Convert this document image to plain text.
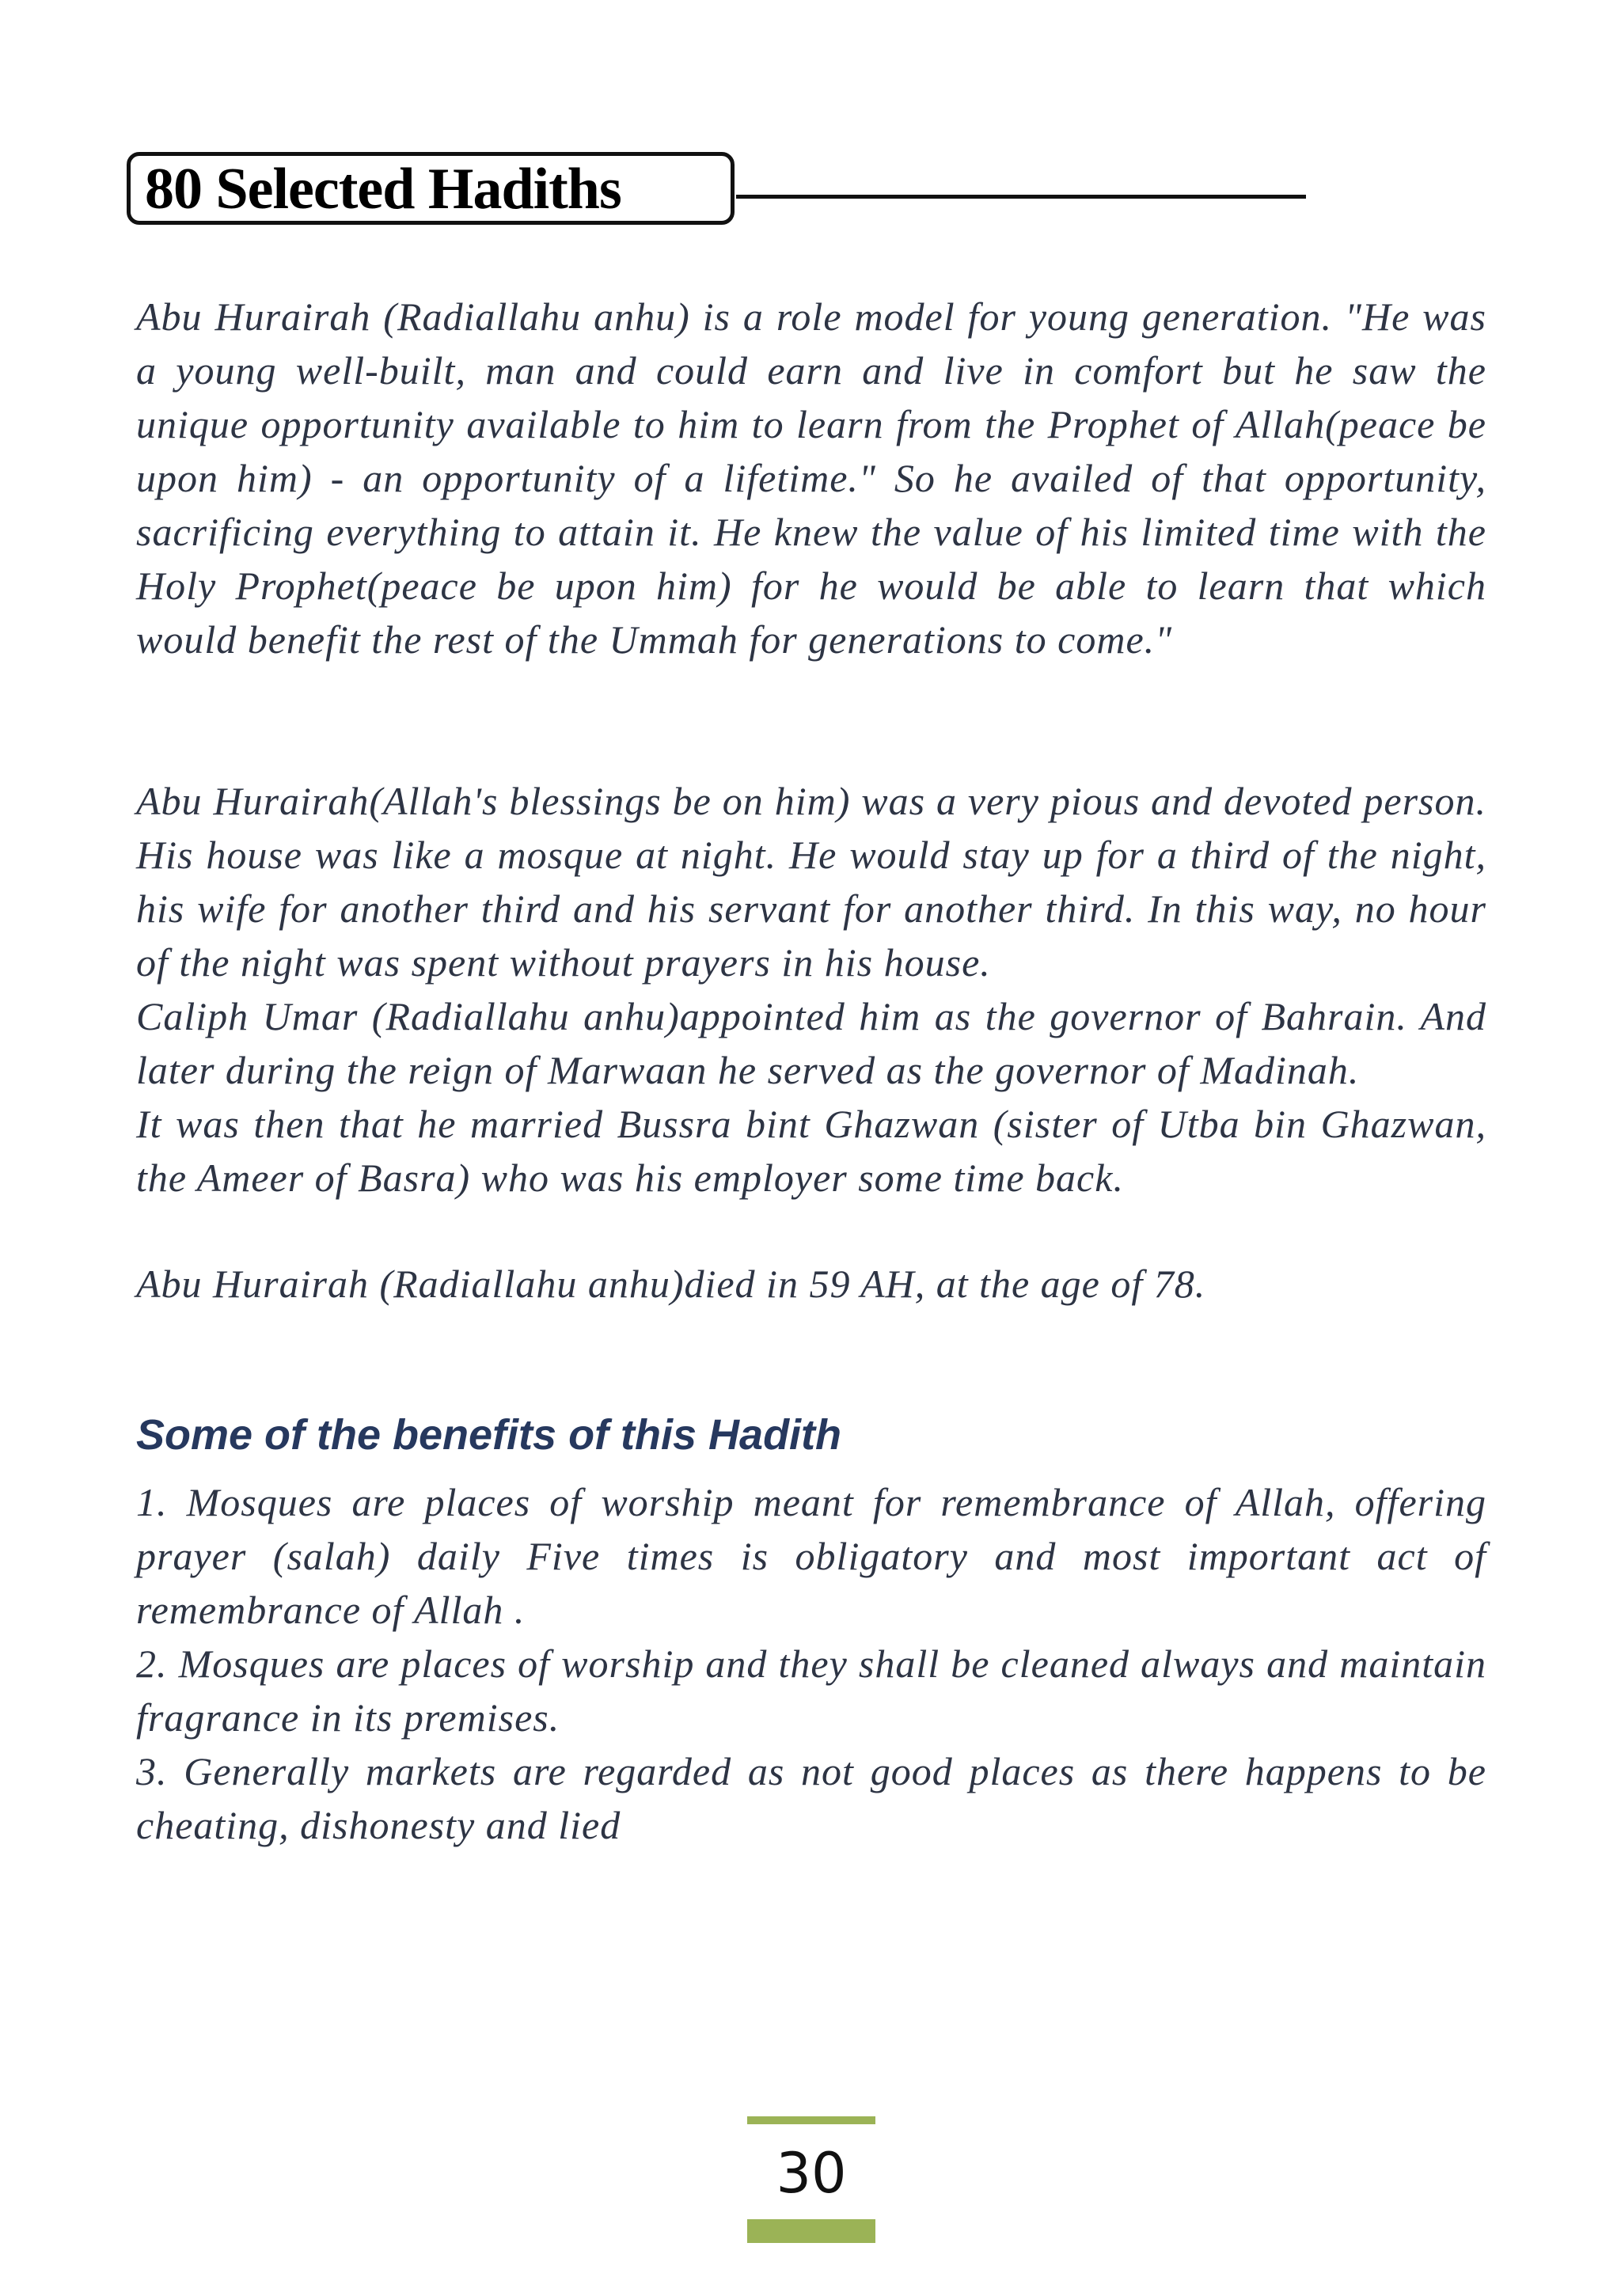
80 Selected Hadiths

Abu Hurairah (Radiallahu anhu) is a role model for young generation. "He was a young well-built, man and could earn and live in comfort but he saw the unique opportunity available to him to learn from the Prophet of Allah(peace be upon him) - an opportunity of a lifetime." So he availed of that opportunity, sacrificing everything to attain it. He knew the value of his limited time with the Holy Prophet(peace be upon him) for he would be able to learn that which would benefit the rest of the Ummah for generations to come."

Abu Hurairah(Allah's blessings be on him) was a very pious and devoted person. His house was like a mosque at night. He would stay up for a third of the night, his wife for another third and his servant for another third. In this way, no hour of the night was spent without prayers in his house.

Caliph Umar (Radiallahu anhu)appointed him as the governor of Bahrain. And later during the reign of Marwaan he served as the governor of Madinah.

It was then that he married Bussra bint Ghazwan (sister of Utba bin Ghazwan, the Ameer of Basra) who was his employer some time back.

Abu Hurairah (Radiallahu anhu)died in 59 AH, at the age of 78.

Some of the benefits of this Hadith

1. Mosques are places of worship meant for remembrance of Allah, offering prayer (salah) daily Five times is obligatory and most important act of remembrance of Allah .

2. Mosques are places of worship and they shall be cleaned always and maintain fragrance in its premises.

3. Generally markets are regarded as not good places as there happens to be cheating, dishonesty and lied

30
